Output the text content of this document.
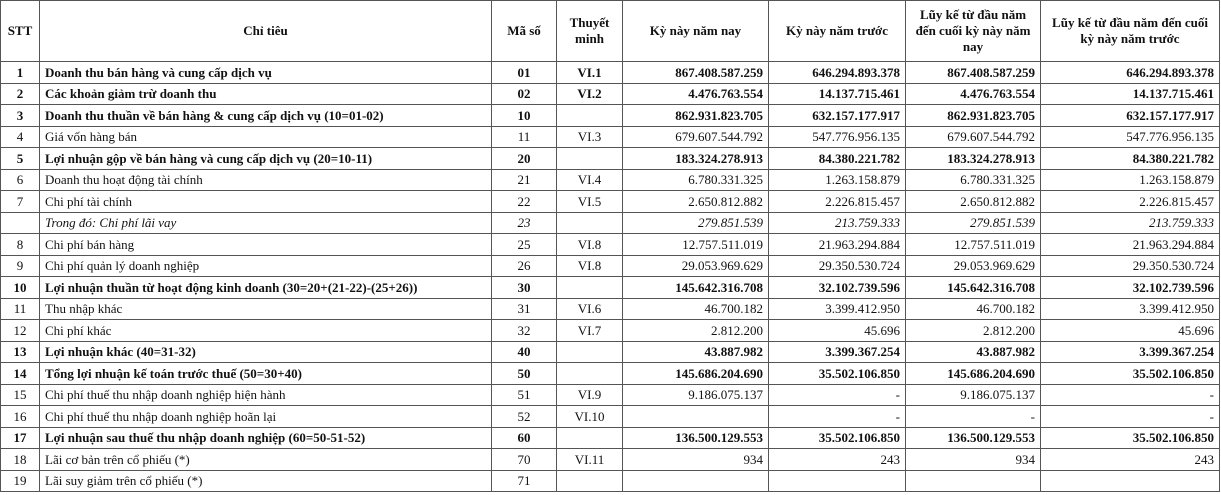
STT	Chỉ tiêu	Mã số	Thuyết minh	Kỳ này năm nay	Kỳ này năm trước	Lũy kế từ đầu năm đến cuối kỳ này năm nay	Lũy kế từ đầu năm đến cuối kỳ này năm trước
1	Doanh thu bán hàng và cung cấp dịch vụ	01	VI.1	867.408.587.259	646.294.893.378	867.408.587.259	646.294.893.378
2	Các khoản giảm trừ doanh thu	02	VI.2	4.476.763.554	14.137.715.461	4.476.763.554	14.137.715.461
3	Doanh thu thuần về bán hàng & cung cấp dịch vụ (10=01-02)	10		862.931.823.705	632.157.177.917	862.931.823.705	632.157.177.917
4	Giá vốn hàng bán	11	VI.3	679.607.544.792	547.776.956.135	679.607.544.792	547.776.956.135
5	Lợi nhuận gộp về bán hàng và cung cấp dịch vụ (20=10-11)	20		183.324.278.913	84.380.221.782	183.324.278.913	84.380.221.782
6	Doanh thu hoạt động tài chính	21	VI.4	6.780.331.325	1.263.158.879	6.780.331.325	1.263.158.879
7	Chi phí tài chính	22	VI.5	2.650.812.882	2.226.815.457	2.650.812.882	2.226.815.457
	Trong đó: Chi phí lãi vay	23		279.851.539	213.759.333	279.851.539	213.759.333
8	Chi phí bán hàng	25	VI.8	12.757.511.019	21.963.294.884	12.757.511.019	21.963.294.884
9	Chi phí quản lý doanh nghiệp	26	VI.8	29.053.969.629	29.350.530.724	29.053.969.629	29.350.530.724
10	Lợi nhuận thuần từ hoạt động kinh doanh (30=20+(21-22)-(25+26))	30		145.642.316.708	32.102.739.596	145.642.316.708	32.102.739.596
11	Thu nhập khác	31	VI.6	46.700.182	3.399.412.950	46.700.182	3.399.412.950
12	Chi phí khác	32	VI.7	2.812.200	45.696	2.812.200	45.696
13	Lợi nhuận khác (40=31-32)	40		43.887.982	3.399.367.254	43.887.982	3.399.367.254
14	Tổng lợi nhuận kế toán trước thuế (50=30+40)	50		145.686.204.690	35.502.106.850	145.686.204.690	35.502.106.850
15	Chi phí thuế thu nhập doanh nghiệp hiện hành	51	VI.9	9.186.075.137	-	9.186.075.137	-
16	Chi phí thuế thu nhập doanh nghiệp hoãn lại	52	VI.10		-	-	-
17	Lợi nhuận sau thuế thu nhập doanh nghiệp (60=50-51-52)	60		136.500.129.553	35.502.106.850	136.500.129.553	35.502.106.850
18	Lãi cơ bản trên cổ phiếu (*)	70	VI.11	934	243	934	243
19	Lãi suy giảm trên cổ phiếu (*)	71					
